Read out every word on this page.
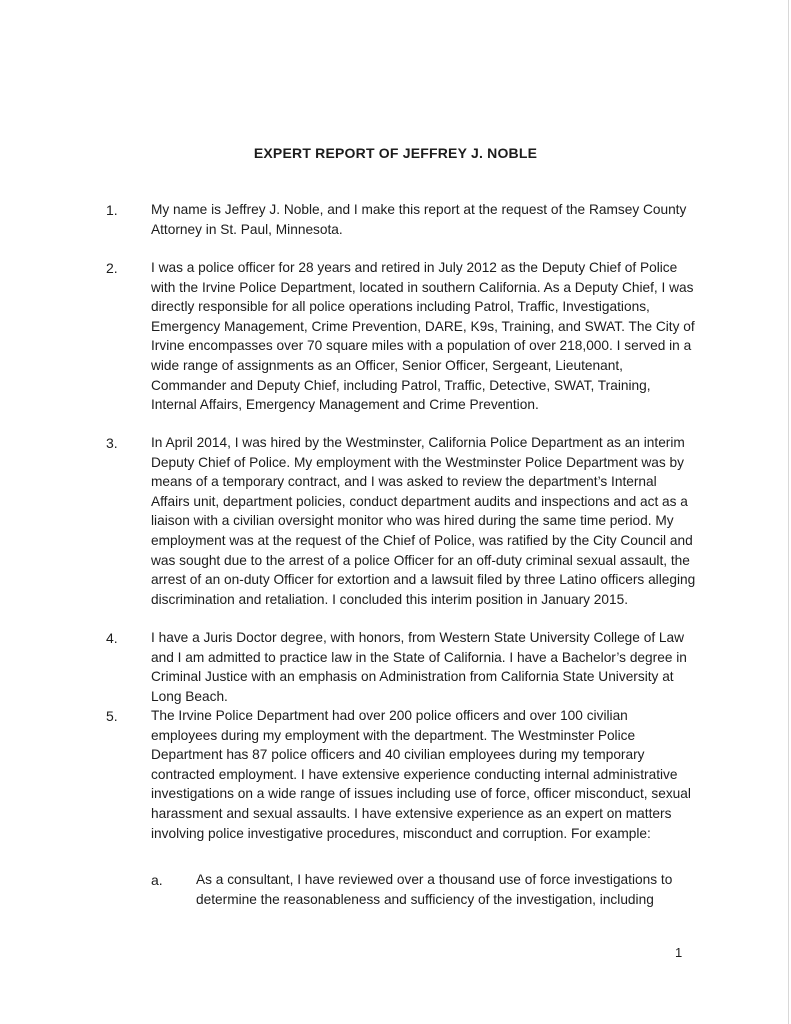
EXPERT REPORT OF JEFFREY J. NOBLE
1. My name is Jeffrey J. Noble, and I make this report at the request of the Ramsey County Attorney in St. Paul, Minnesota.
2. I was a police officer for 28 years and retired in July 2012 as the Deputy Chief of Police with the Irvine Police Department, located in southern California. As a Deputy Chief, I was directly responsible for all police operations including Patrol, Traffic, Investigations, Emergency Management, Crime Prevention, DARE, K9s, Training, and SWAT. The City of Irvine encompasses over 70 square miles with a population of over 218,000. I served in a wide range of assignments as an Officer, Senior Officer, Sergeant, Lieutenant, Commander and Deputy Chief, including Patrol, Traffic, Detective, SWAT, Training, Internal Affairs, Emergency Management and Crime Prevention.
3. In April 2014, I was hired by the Westminster, California Police Department as an interim Deputy Chief of Police. My employment with the Westminster Police Department was by means of a temporary contract, and I was asked to review the department’s Internal Affairs unit, department policies, conduct department audits and inspections and act as a liaison with a civilian oversight monitor who was hired during the same time period. My employment was at the request of the Chief of Police, was ratified by the City Council and was sought due to the arrest of a police Officer for an off-duty criminal sexual assault, the arrest of an on-duty Officer for extortion and a lawsuit filed by three Latino officers alleging discrimination and retaliation. I concluded this interim position in January 2015.
4. I have a Juris Doctor degree, with honors, from Western State University College of Law and I am admitted to practice law in the State of California. I have a Bachelor’s degree in Criminal Justice with an emphasis on Administration from California State University at Long Beach.
5. The Irvine Police Department had over 200 police officers and over 100 civilian employees during my employment with the department. The Westminster Police Department has 87 police officers and 40 civilian employees during my temporary contracted employment. I have extensive experience conducting internal administrative investigations on a wide range of issues including use of force, officer misconduct, sexual harassment and sexual assaults. I have extensive experience as an expert on matters involving police investigative procedures, misconduct and corruption. For example:
a. As a consultant, I have reviewed over a thousand use of force investigations to determine the reasonableness and sufficiency of the investigation, including
1
